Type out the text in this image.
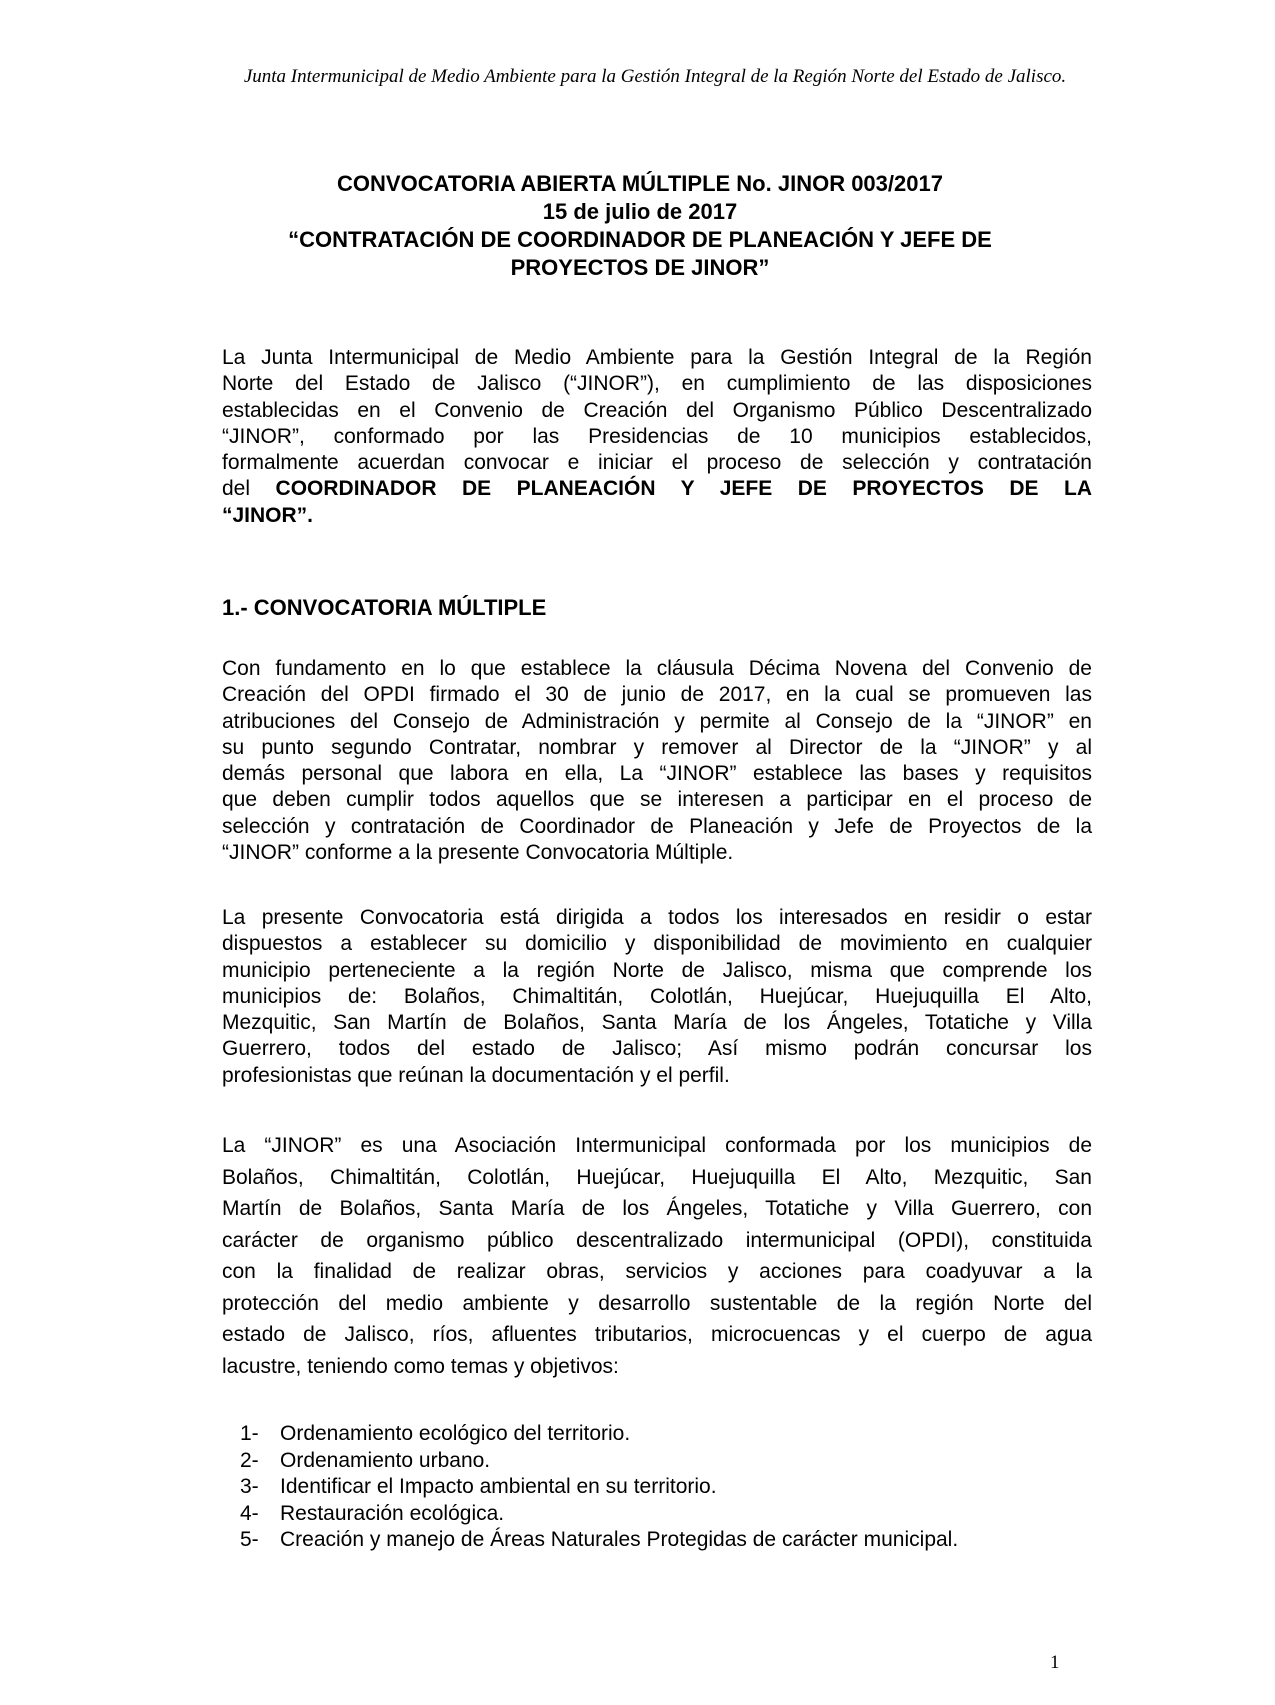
Junta Intermunicipal de Medio Ambiente para la Gestión Integral de la Región Norte del Estado de Jalisco.
CONVOCATORIA ABIERTA MÚLTIPLE No. JINOR 003/2017
15 de julio de 2017
“CONTRATACIÓN DE COORDINADOR DE PLANEACIÓN Y JEFE DE
PROYECTOS DE JINOR”
La Junta Intermunicipal de Medio Ambiente para la Gestión Integral de la Región
Norte del Estado de Jalisco (“JINOR”), en cumplimiento de las disposiciones
establecidas en el Convenio de Creación del Organismo Público Descentralizado
“JINOR”, conformado por las Presidencias de 10 municipios establecidos,
formalmente acuerdan convocar e iniciar el proceso de selección y contratación
del COORDINADOR DE PLANEACIÓN Y JEFE DE PROYECTOS DE LA
“JINOR”.
1.- CONVOCATORIA MÚLTIPLE
Con fundamento en lo que establece la cláusula Décima Novena del Convenio de
Creación del OPDI firmado el 30 de junio de 2017, en la cual se promueven las
atribuciones del Consejo de Administración y permite al Consejo de la “JINOR” en
su punto segundo Contratar, nombrar y remover al Director de la “JINOR” y al
demás personal que labora en ella, La “JINOR” establece las bases y requisitos
que deben cumplir todos aquellos que se interesen a participar en el proceso de
selección y contratación de Coordinador de Planeación y Jefe de Proyectos de la
“JINOR” conforme a la presente Convocatoria Múltiple.
La presente Convocatoria está dirigida a todos los interesados en residir o estar
dispuestos a establecer su domicilio y disponibilidad de movimiento en cualquier
municipio perteneciente a la región Norte de Jalisco, misma que comprende los
municipios de: Bolaños, Chimaltitán, Colotlán, Huejúcar, Huejuquilla El Alto,
Mezquitic, San Martín de Bolaños, Santa María de los Ángeles, Totatiche y Villa
Guerrero, todos del estado de Jalisco; Así mismo podrán concursar los
profesionistas que reúnan la documentación y el perfil.
La “JINOR” es una Asociación Intermunicipal conformada por los municipios de
Bolaños, Chimaltitán, Colotlán, Huejúcar, Huejuquilla El Alto, Mezquitic, San
Martín de Bolaños, Santa María de los Ángeles, Totatiche y Villa Guerrero, con
carácter de organismo público descentralizado intermunicipal (OPDI), constituida
con la finalidad de realizar obras, servicios y acciones para coadyuvar a la
protección del medio ambiente y desarrollo sustentable de la región Norte del
estado de Jalisco, ríos, afluentes tributarios, microcuencas y el cuerpo de agua
lacustre, teniendo como temas y objetivos:
1- Ordenamiento ecológico del territorio.
2- Ordenamiento urbano.
3- Identificar el Impacto ambiental en su territorio.
4- Restauración ecológica.
5- Creación y manejo de Áreas Naturales Protegidas de carácter municipal.
1
